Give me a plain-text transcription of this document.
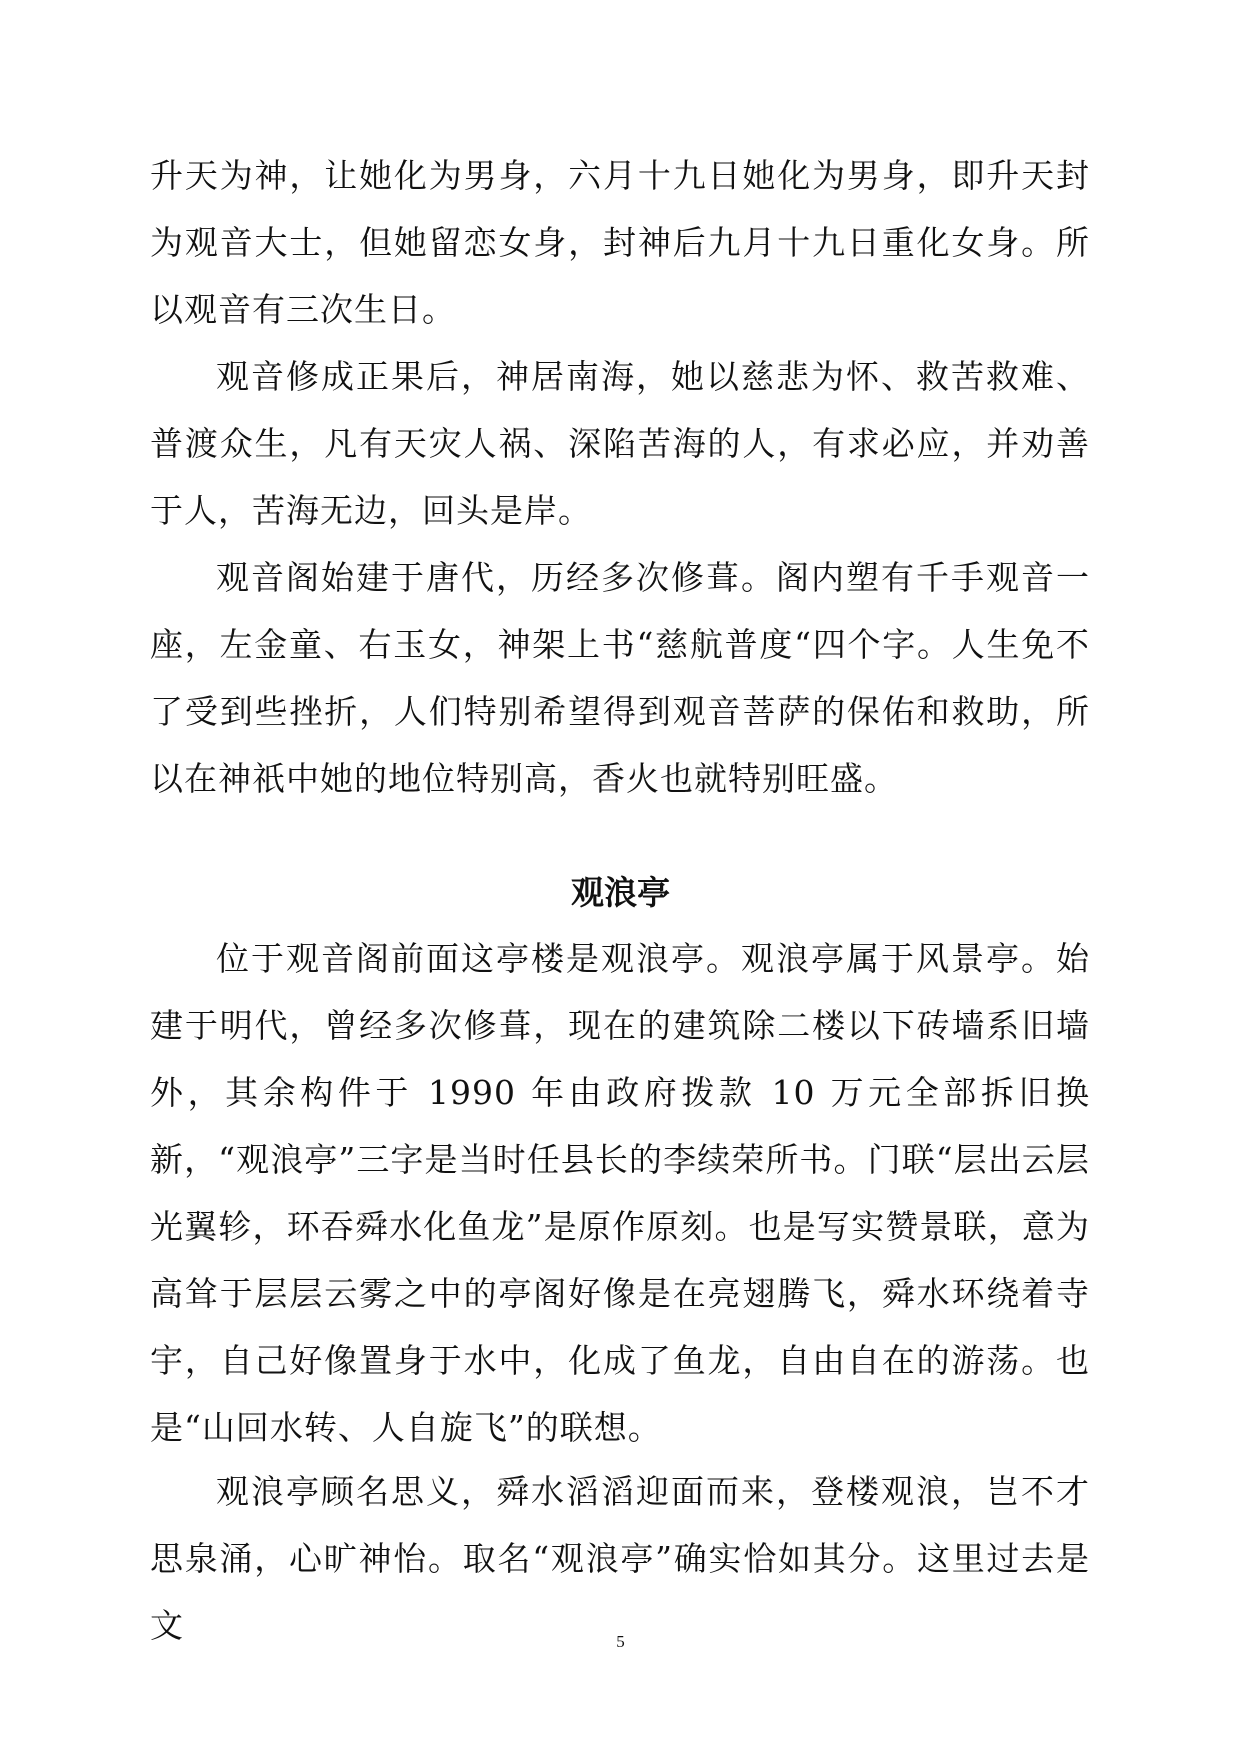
升天为神，让她化为男身，六月十九日她化为男身，即升天封为观音大士，但她留恋女身，封神后九月十九日重化女身。所以观音有三次生日。

观音修成正果后，神居南海，她以慈悲为怀、救苦救难、普渡众生，凡有天灾人祸、深陷苦海的人，有求必应，并劝善于人，苦海无边，回头是岸。

观音阁始建于唐代，历经多次修葺。阁内塑有千手观音一座，左金童、右玉女，神架上书“慈航普度“四个字。人生免不了受到些挫折，人们特别希望得到观音菩萨的保佑和救助，所以在神祇中她的地位特别高，香火也就特别旺盛。

观浪亭

位于观音阁前面这亭楼是观浪亭。观浪亭属于风景亭。始建于明代，曾经多次修葺，现在的建筑除二楼以下砖墙系旧墙外，其余构件于 1990 年由政府拨款 10 万元全部拆旧换新，“观浪亭”三字是当时任县长的李续荣所书。门联“层出云层光翼轸，环吞舜水化鱼龙”是原作原刻。也是写实赞景联，意为高耸于层层云雾之中的亭阁好像是在亮翅腾飞，舜水环绕着寺宇，自己好像置身于水中，化成了鱼龙，自由自在的游荡。也是“山回水转、人自旋飞”的联想。

观浪亭顾名思义，舜水滔滔迎面而来，登楼观浪，岂不才思泉涌，心旷神怡。取名“观浪亭”确实恰如其分。这里过去是文	5
